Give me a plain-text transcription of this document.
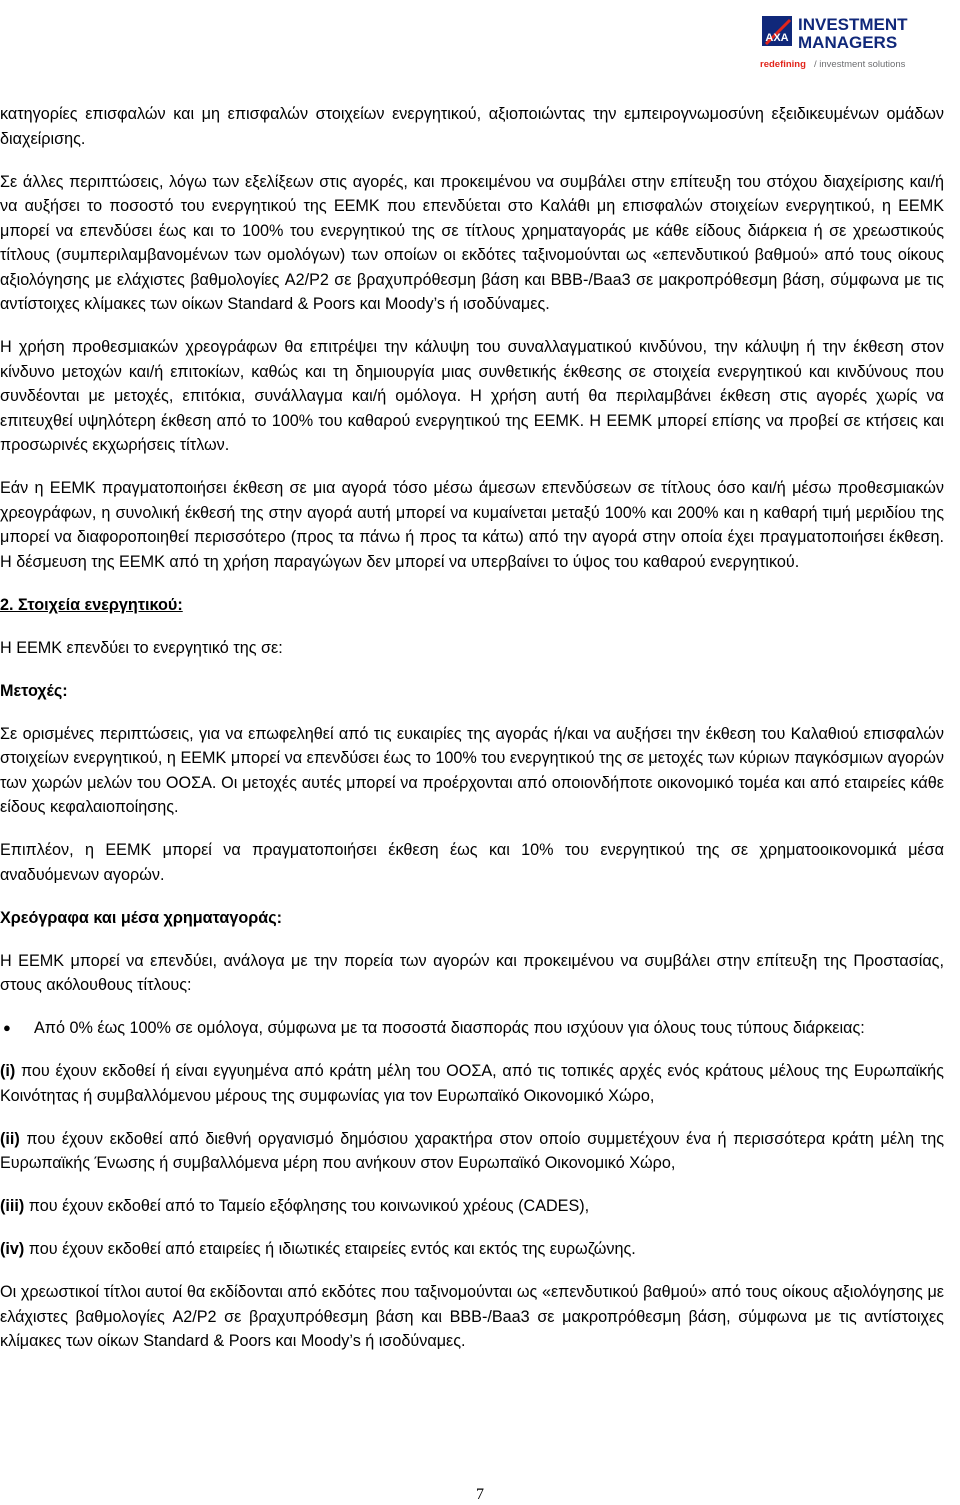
AXA
INVESTMENT
MANAGERS
redefining / investment solutions

κατηγορίες επισφαλών και μη επισφαλών στοιχείων ενεργητικού, αξιοποιώντας την εμπειρογνωμοσύνη εξειδικευμένων ομάδων διαχείρισης.

Σε άλλες περιπτώσεις, λόγω των εξελίξεων στις αγορές, και προκειμένου να συμβάλει στην επίτευξη του στόχου διαχείρισης και/ή να αυξήσει το ποσοστό του ενεργητικού της ΕΕΜΚ που επενδύεται στο Καλάθι μη επισφαλών στοιχείων ενεργητικού, η ΕΕΜΚ μπορεί να επενδύσει έως και το 100% του ενεργητικού της σε τίτλους χρηματαγοράς με κάθε είδους διάρκεια ή σε χρεωστικούς τίτλους (συμπεριλαμβανομένων των ομολόγων) των οποίων οι εκδότες ταξινομούνται ως «επενδυτικού βαθμού» από τους οίκους αξιολόγησης με ελάχιστες βαθμολογίες A2/P2 σε βραχυπρόθεσμη βάση και BBB-/Baa3 σε μακροπρόθεσμη βάση, σύμφωνα με τις αντίστοιχες κλίμακες των οίκων Standard & Poors και Moody’s ή ισοδύναμες.

Η χρήση προθεσμιακών χρεογράφων θα επιτρέψει την κάλυψη του συναλλαγματικού κινδύνου, την κάλυψη ή την έκθεση στον κίνδυνο μετοχών και/ή επιτοκίων, καθώς και τη δημιουργία μιας συνθετικής έκθεσης σε στοιχεία ενεργητικού και κινδύνους που συνδέονται με μετοχές, επιτόκια, συνάλλαγμα και/ή ομόλογα. Η χρήση αυτή θα περιλαμβάνει έκθεση στις αγορές χωρίς να επιτευχθεί υψηλότερη έκθεση από το 100% του καθαρού ενεργητικού της ΕΕΜΚ. Η ΕΕΜΚ μπορεί επίσης να προβεί σε κτήσεις και προσωρινές εκχωρήσεις τίτλων.

Εάν η ΕΕΜΚ πραγματοποιήσει έκθεση σε μια αγορά τόσο μέσω άμεσων επενδύσεων σε τίτλους όσο και/ή μέσω προθεσμιακών χρεογράφων, η συνολική έκθεσή της στην αγορά αυτή μπορεί να κυμαίνεται μεταξύ 100% και 200% και η καθαρή τιμή μεριδίου της μπορεί να διαφοροποιηθεί περισσότερο (προς τα πάνω ή προς τα κάτω) από την αγορά στην οποία έχει πραγματοποιήσει έκθεση. Η δέσμευση της ΕΕΜΚ από τη χρήση παραγώγων δεν μπορεί να υπερβαίνει το ύψος του καθαρού ενεργητικού.

2. Στοιχεία ενεργητικού:

Η ΕΕΜΚ επενδύει το ενεργητικό της σε:

Μετοχές:

Σε ορισμένες περιπτώσεις, για να επωφεληθεί από τις ευκαιρίες της αγοράς ή/και να αυξήσει την έκθεση του Καλαθιού επισφαλών στοιχείων ενεργητικού, η ΕΕΜΚ μπορεί να επενδύσει έως το 100% του ενεργητικού της σε μετοχές των κύριων παγκόσμιων αγορών των χωρών μελών του ΟΟΣΑ. Οι μετοχές αυτές μπορεί να προέρχονται από οποιονδήποτε οικονομικό τομέα και από εταιρείες κάθε είδους κεφαλαιοποίησης.

Επιπλέον, η ΕΕΜΚ μπορεί να πραγματοποιήσει έκθεση έως και 10% του ενεργητικού της σε χρηματοοικονομικά μέσα αναδυόμενων αγορών.

Χρεόγραφα και μέσα χρηματαγοράς:

Η ΕΕΜΚ μπορεί να επενδύει, ανάλογα με την πορεία των αγορών και προκειμένου να συμβάλει στην επίτευξη της Προστασίας, στους ακόλουθους τίτλους:

●	Από 0% έως 100% σε ομόλογα, σύμφωνα με τα ποσοστά διασποράς που ισχύουν για όλους τους τύπους διάρκειας:

(i) που έχουν εκδοθεί ή είναι εγγυημένα από κράτη μέλη του ΟΟΣΑ, από τις τοπικές αρχές ενός κράτους μέλους της Ευρωπαϊκής Κοινότητας ή συμβαλλόμενου μέρους της συμφωνίας για τον Ευρωπαϊκό Οικονομικό Χώρο,

(ii) που έχουν εκδοθεί από διεθνή οργανισμό δημόσιου χαρακτήρα στον οποίο συμμετέχουν ένα ή περισσότερα κράτη μέλη της Ευρωπαϊκής Ένωσης ή συμβαλλόμενα μέρη που ανήκουν στον Ευρωπαϊκό Οικονομικό Χώρο,

(iii) που έχουν εκδοθεί από το Ταμείο εξόφλησης του κοινωνικού χρέους (CADES),

(iv) που έχουν εκδοθεί από εταιρείες ή ιδιωτικές εταιρείες εντός και εκτός της ευρωζώνης.

Οι χρεωστικοί τίτλοι αυτοί θα εκδίδονται από εκδότες που ταξινομούνται ως «επενδυτικού βαθμού» από τους οίκους αξιολόγησης με ελάχιστες βαθμολογίες A2/P2 σε βραχυπρόθεσμη βάση και BBB-/Baa3 σε μακροπρόθεσμη βάση, σύμφωνα με τις αντίστοιχες κλίμακες των οίκων Standard & Poors και Moody’s ή ισοδύναμες.

7
